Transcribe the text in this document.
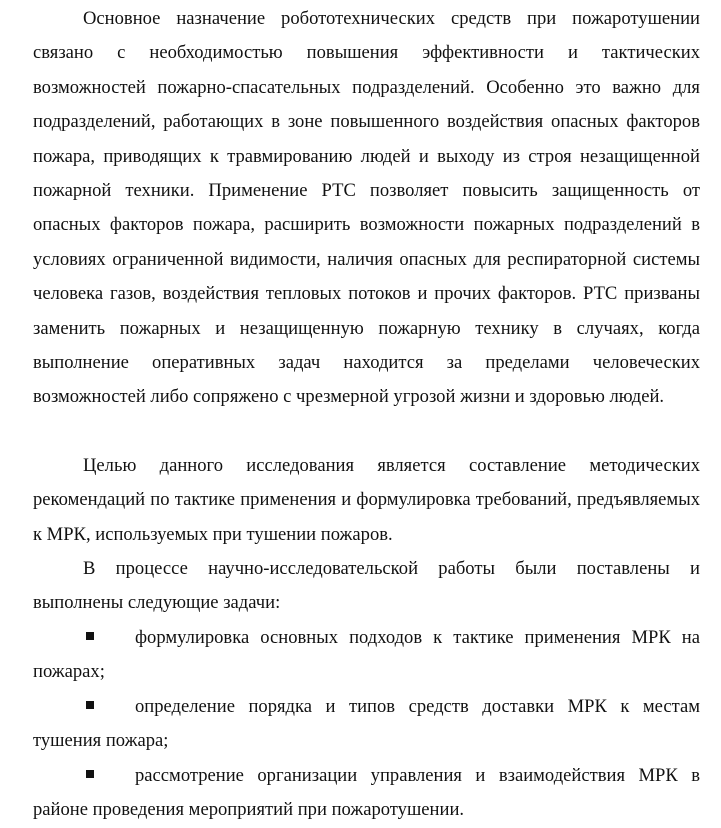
Основное назначение робототехнических средств при пожаротушении связано с необходимостью повышения эффективности и тактических возможностей пожарно-спасательных подразделений. Особенно это важно для подразделений, работающих в зоне повышенного воздействия опасных факторов пожара, приводящих к травмированию людей и выходу из строя незащищенной пожарной техники. Применение РТС позволяет повысить защищенность от опасных факторов пожара, расширить возможности пожарных подразделений в условиях ограниченной видимости, наличия опасных для респираторной системы человека газов, воздействия тепловых потоков и прочих факторов. РТС призваны заменить пожарных и незащищенную пожарную технику в случаях, когда выполнение оперативных задач находится за пределами человеческих возможностей либо сопряжено с чрезмерной угрозой жизни и здоровью людей.

Целью данного исследования является составление методических рекомендаций по тактике применения и формулировка требований, предъявляемых к МРК, используемых при тушении пожаров.

В процессе научно-исследовательской работы были поставлены и выполнены следующие задачи:

формулировка основных подходов к тактике применения МРК на пожарах;

определение порядка и типов средств доставки МРК к местам тушения пожара;

рассмотрение организации управления и взаимодействия МРК в районе проведения мероприятий при пожаротушении.
